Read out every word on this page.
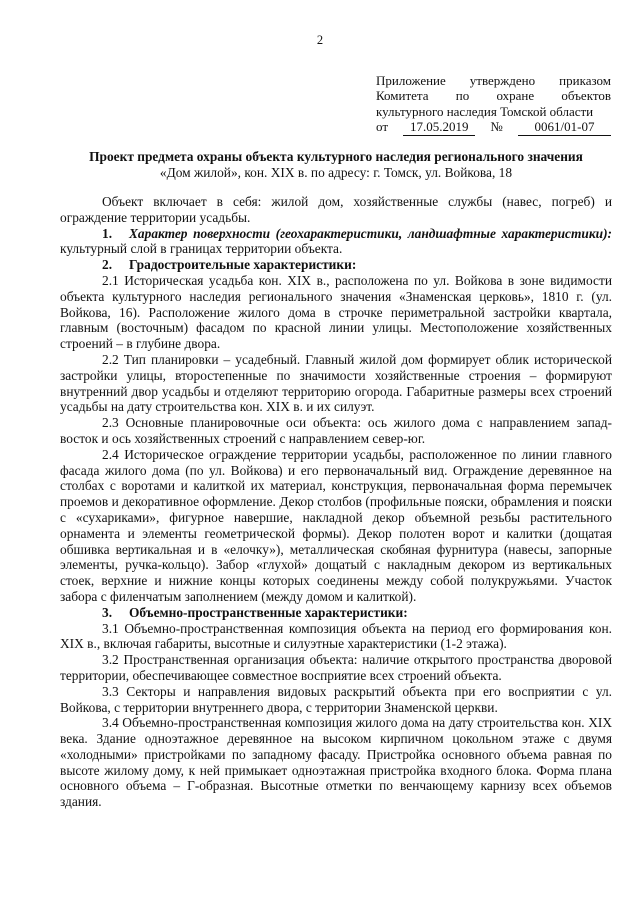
2
Приложение утверждено приказом
Комитета по охране объектов
культурного наследия Томской области
от	17.05.2019	№	0061/01-07
Проект предмета охраны объекта культурного наследия регионального значения
«Дом жилой», кон. XIX в. по адресу: г. Томск, ул. Войкова, 18

Объект включает в себя: жилой дом, хозяйственные службы (навес, погреб) и ограждение территории усадьбы.

1. Характер поверхности (геохарактеристики, ландшафтные характеристики): культурный слой в границах территории объекта.

2. Градостроительные характеристики:

2.1 Историческая усадьба кон. XIX в., расположена по ул. Войкова в зоне видимости объекта культурного наследия регионального значения «Знаменская церковь», 1810 г. (ул. Войкова, 16). Расположение жилого дома в строчке периметральной застройки квартала, главным (восточным) фасадом по красной линии улицы. Местоположение хозяйственных строений – в глубине двора.

2.2 Тип планировки – усадебный. Главный жилой дом формирует облик исторической застройки улицы, второстепенные по значимости хозяйственные строения – формируют внутренний двор усадьбы и отделяют территорию огорода. Габаритные размеры всех строений усадьбы на дату строительства кон. XIX в. и их силуэт.

2.3 Основные планировочные оси объекта: ось жилого дома с направлением запад-восток и ось хозяйственных строений с направлением север-юг.

2.4 Историческое ограждение территории усадьбы, расположенное по линии главного фасада жилого дома (по ул. Войкова) и его первоначальный вид. Ограждение деревянное на столбах с воротами и калиткой их материал, конструкция, первоначальная форма перемычек проемов и декоративное оформление. Декор столбов (профильные пояски, обрамления и пояски с «сухариками», фигурное навершие, накладной декор объемной резьбы растительного орнамента и элементы геометрической формы). Декор полотен ворот и калитки (дощатая обшивка вертикальная и в «елочку»), металлическая скобяная фурнитура (навесы, запорные элементы, ручка-кольцо). Забор «глухой» дощатый с накладным декором из вертикальных стоек, верхние и нижние концы которых соединены между собой полукружьями. Участок забора с филенчатым заполнением (между домом и калиткой).

3. Объемно-пространственные характеристики:

3.1 Объемно-пространственная композиция объекта на период его формирования кон. XIX в., включая габариты, высотные и силуэтные характеристики (1-2 этажа).

3.2 Пространственная организация объекта: наличие открытого пространства дворовой территории, обеспечивающее совместное восприятие всех строений объекта.

3.3 Секторы и направления видовых раскрытий объекта при его восприятии с ул. Войкова, с территории внутреннего двора, с территории Знаменской церкви.

3.4 Объемно-пространственная композиция жилого дома на дату строительства кон. XIX века. Здание одноэтажное деревянное на высоком кирпичном цокольном этаже с двумя «холодными» пристройками по западному фасаду. Пристройка основного объема равная по высоте жилому дому, к ней примыкает одноэтажная пристройка входного блока. Форма плана основного объема – Г-образная. Высотные отметки по венчающему карнизу всех объемов здания.
